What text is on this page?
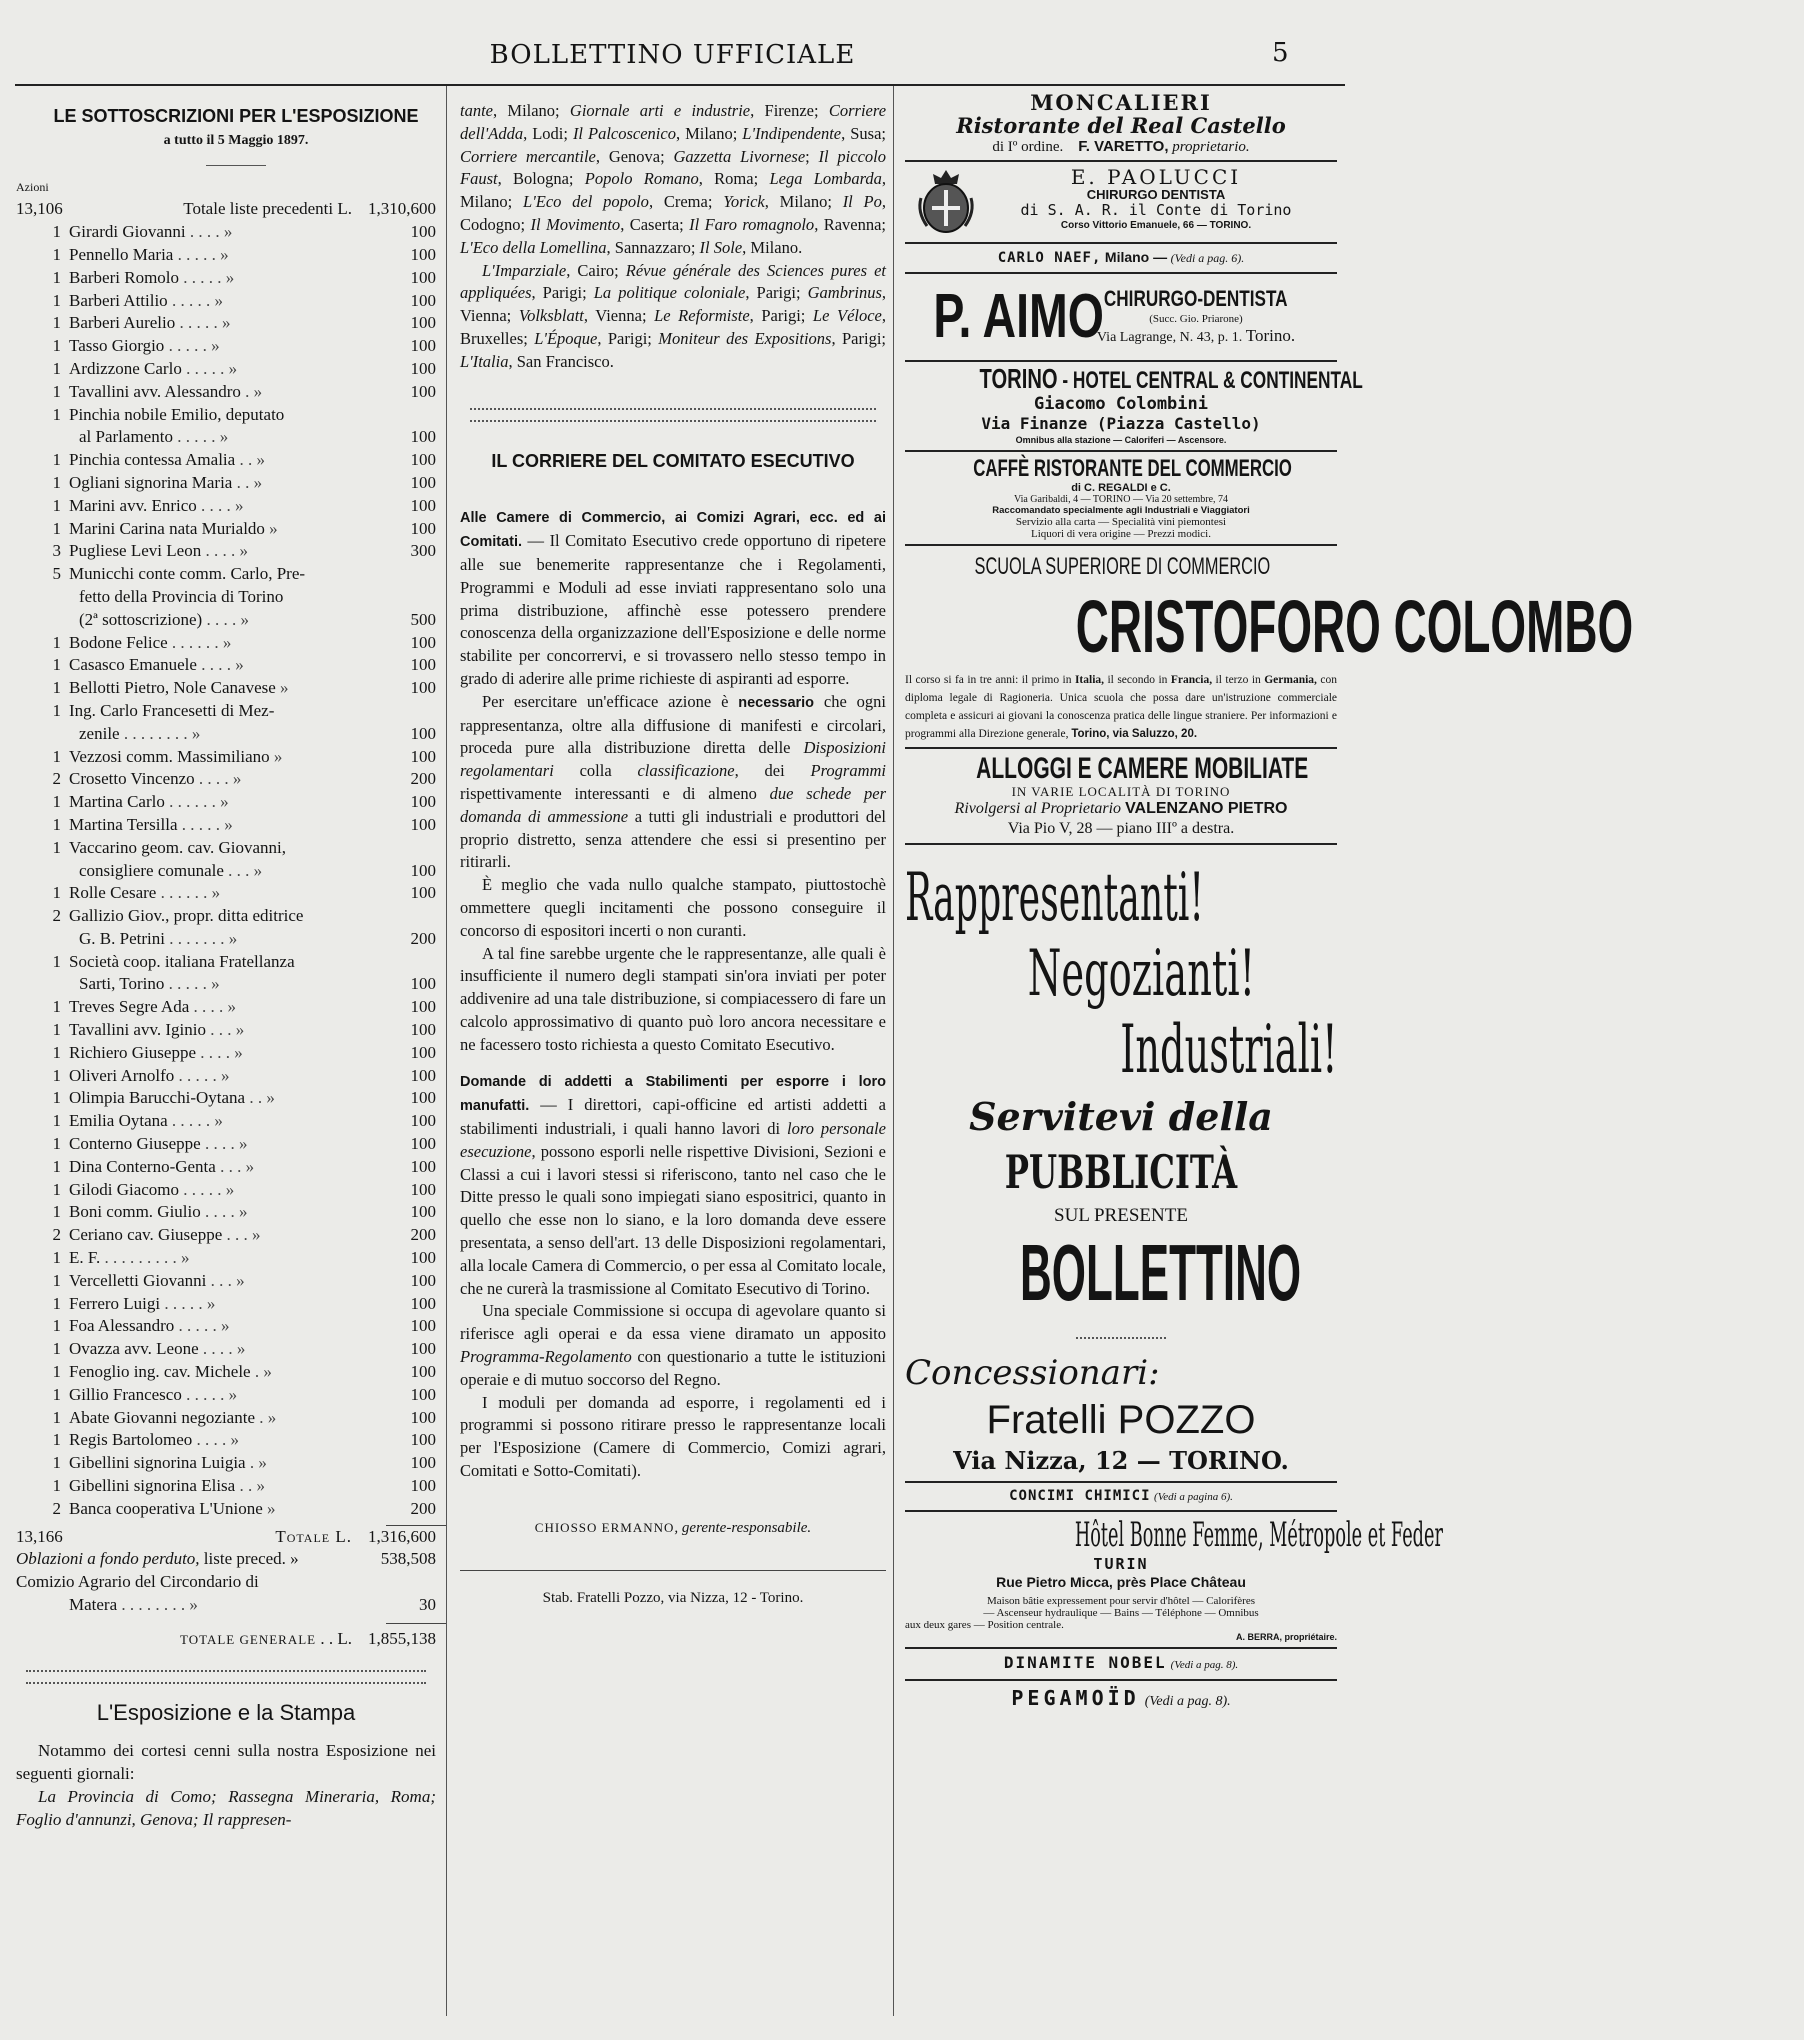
BOLLETTINO UFFICIALE	5
LE SOTTOSCRIZIONI PER L'ESPOSIZIONE
a tutto il 5 Maggio 1897.
Azioni
13,106	Totale liste precedenti L. 1,310,600
1 Girardi Giovanni . . . . »	100
1 Pennello Maria . . . . . »	100
1 Barberi Romolo . . . . . »	100
1 Barberi Attilio . . . . . »	100
1 Barberi Aurelio . . . . . »	100
1 Tasso Giorgio . . . . . »	100
1 Ardizzone Carlo . . . . . »	100
1 Tavallini avv. Alessandro . »	100
1 Pinchia nobile Emilio, deputato
al Parlamento . . . . . »	100
1 Pinchia contessa Amalia . . »	100
1 Ogliani signorina Maria . . »	100
1 Marini avv. Enrico . . . . »	100
1 Marini Carina nata Murialdo »	100
3 Pugliese Levi Leon . . . . »	300
5 Municchi conte comm. Carlo, Pre-
fetto della Provincia di Torino
(2ª sottoscrizione) . . . . »	500
1 Bodone Felice . . . . . . »	100
1 Casasco Emanuele . . . . »	100
1 Bellotti Pietro, Nole Canavese »	100
1 Ing. Carlo Francesetti di Mez-
zenile . . . . . . . . »	100
1 Vezzosi comm. Massimiliano »	100
2 Crosetto Vincenzo . . . . »	200
1 Martina Carlo . . . . . . »	100
1 Martina Tersilla . . . . . »	100
1 Vaccarino geom. cav. Giovanni,
consigliere comunale . . . »	100
1 Rolle Cesare . . . . . . »	100
2 Gallizio Giov., propr. ditta editrice
G. B. Petrini . . . . . . . »	200
1 Società coop. italiana Fratellanza
Sarti, Torino . . . . . »	100
1 Treves Segre Ada . . . . »	100
1 Tavallini avv. Iginio . . . »	100
1 Richiero Giuseppe . . . . »	100
1 Oliveri Arnolfo . . . . . »	100
1 Olimpia Barucchi-Oytana . . »	100
1 Emilia Oytana . . . . . »	100
1 Conterno Giuseppe . . . . »	100
1 Dina Conterno-Genta . . . »	100
1 Gilodi Giacomo . . . . . »	100
1 Boni comm. Giulio . . . . »	100
2 Ceriano cav. Giuseppe . . . »	200
1 E. F. . . . . . . . . . »	100
1 Vercelletti Giovanni . . . »	100
1 Ferrero Luigi . . . . . »	100
1 Foa Alessandro . . . . . »	100
1 Ovazza avv. Leone . . . . »	100
1 Fenoglio ing. cav. Michele . »	100
1 Gillio Francesco . . . . . »	100
1 Abate Giovanni negoziante . »	100
1 Regis Bartolomeo . . . . »	100
1 Gibellini signorina Luigia . »	100
1 Gibellini signorina Elisa . . »	100
2 Banca cooperativa L'Unione »	200
13,166	Totale L. 1,316,600
Oblazioni a fondo perduto, liste preced. »	538,508
Comizio Agrario del Circondario di
Matera . . . . . . . . »	30
TOTALE GENERALE . . L. 1,855,138
L'Esposizione e la Stampa

Notammo dei cortesi cenni sulla nostra Esposizione nei seguenti giornali:

La Provincia di Como; Rassegna Mineraria, Roma; Foglio d'annunzi, Genova; Il rappresen-

tante, Milano; Giornale arti e industrie, Firenze; Corriere dell'Adda, Lodi; Il Palcoscenico, Milano; L'Indipendente, Susa; Corriere mercantile, Genova; Gazzetta Livornese; Il piccolo Faust, Bologna; Popolo Romano, Roma; Lega Lombarda, Milano; L'Eco del popolo, Crema; Yorick, Milano; Il Po, Codogno; Il Movimento, Caserta; Il Faro romagnolo, Ravenna; L'Eco della Lomellina, Sannazzaro; Il Sole, Milano.

L'Imparziale, Cairo; Révue générale des Sciences pures et appliquées, Parigi; La politique coloniale, Parigi; Gambrinus, Vienna; Volksblatt, Vienna; Le Reformiste, Parigi; Le Véloce, Bruxelles; L'Époque, Parigi; Moniteur des Expositions, Parigi; L'Italia, San Francisco.

IL CORRIERE DEL COMITATO ESECUTIVO

Alle Camere di Commercio, ai Comizi Agrari, ecc. ed ai Comitati. — Il Comitato Esecutivo crede opportuno di ripetere alle sue benemerite rappresentanze che i Regolamenti, Programmi e Moduli ad esse inviati rappresentano solo una prima distribuzione, affinchè esse potessero prendere conoscenza della organizzazione dell'Esposizione e delle norme stabilite per concorrervi, e si trovassero nello stesso tempo in grado di aderire alle prime richieste di aspiranti ad esporre.

Per esercitare un'efficace azione è necessario che ogni rappresentanza, oltre alla diffusione di manifesti e circolari, proceda pure alla distribuzione diretta delle Disposizioni regolamentari colla classificazione, dei Programmi rispettivamente interessanti e di almeno due schede per domanda di ammessione a tutti gli industriali e produttori del proprio distretto, senza attendere che essi si presentino per ritirarli.

È meglio che vada nullo qualche stampato, piuttostochè ommettere quegli incitamenti che possono conseguire il concorso di espositori incerti o non curanti.

A tal fine sarebbe urgente che le rappresentanze, alle quali è insufficiente il numero degli stampati sin'ora inviati per poter addivenire ad una tale distribuzione, si compiacessero di fare un calcolo approssimativo di quanto può loro ancora necessitare e ne facessero tosto richiesta a questo Comitato Esecutivo.

Domande di addetti a Stabilimenti per esporre i loro manufatti. — I direttori, capi-officine ed artisti addetti a stabilimenti industriali, i quali hanno lavori di loro personale esecuzione, possono esporli nelle rispettive Divisioni, Sezioni e Classi a cui i lavori stessi si riferiscono, tanto nel caso che le Ditte presso le quali sono impiegati siano espositrici, quanto in quello che esse non lo siano, e la loro domanda deve essere presentata, a senso dell'art. 13 delle Disposizioni regolamentari, alla locale Camera di Commercio, o per essa al Comitato locale, che ne curerà la trasmissione al Comitato Esecutivo di Torino.

Una speciale Commissione si occupa di agevolare quanto si riferisce agli operai e da essa viene diramato un apposito Programma-Regolamento con questionario a tutte le istituzioni operaie e di mutuo soccorso del Regno.

I moduli per domanda ad esporre, i regolamenti ed i programmi si possono ritirare presso le rappresentanze locali per l'Esposizione (Camere di Commercio, Comizi agrari, Comitati e Sotto-Comitati).

CHIOSSO ERMANNO, gerente-responsabile.
Stab. Fratelli Pozzo, via Nizza, 12 - Torino.
MONCALIERI
Ristorante del Real Castello
di Iº ordine. F. VARETTO, proprietario.
E. PAOLUCCI
CHIRURGO DENTISTA
di S. A. R. il Conte di Torino
Corso Vittorio Emanuele, 66 — TORINO.
CARLO NAEF, Milano — (Vedi a pag. 6).
P. AIMO CHIRURGO-DENTISTA
(Succ. Gio. Priarone)
Via Lagrange, N. 43, p. 1. Torino.
TORINO - HOTEL CENTRAL & CONTINENTAL
Giacomo Colombini
Via Finanze (Piazza Castello)
Omnibus alla stazione — Caloriferi — Ascensore.
CAFFÈ RISTORANTE DEL COMMERCIO
di C. REGALDI e C.
Via Garibaldi, 4 — TORINO — Via 20 settembre, 74
Raccomandato specialmente agli Industriali e Viaggiatori
Servizio alla carta — Specialità vini piemontesi
Liquori di vera origine — Prezzi modici.
SCUOLA SUPERIORE DI COMMERCIO
CRISTOFORO COLOMBO
Il corso si fa in tre anni: il primo in Italia, il secondo in Francia, il terzo in Germania, con diploma legale di Ragioneria. Unica scuola che possa dare un'istruzione commerciale completa e assicuri ai giovani la conoscenza pratica delle lingue straniere. Per informazioni e programmi alla Direzione generale, Torino, via Saluzzo, 20.
ALLOGGI E CAMERE MOBILIATE
IN VARIE LOCALITÀ DI TORINO
Rivolgersi al Proprietario VALENZANO PIETRO
Via Pio V, 28 — piano IIIº a destra.
Rappresentanti!
Negozianti!
Industriali!
Servitevi della
PUBBLICITÀ
SUL PRESENTE
BOLLETTINO
Concessionari:
Fratelli POZZO
Via Nizza, 12 — TORINO.
CONCIMI CHIMICI (Vedi a pagina 6).
Hôtel Bonne Femme, Métropole et Feder
TURIN
Rue Pietro Micca, près Place Château
Maison bâtie expressement pour servir d'hôtel — Calorifères
— Ascenseur hydraulique — Bains — Téléphone — Omnibus
aux deux gares — Position centrale.
A. BERRA, propriétaire.
DINAMITE NOBEL (Vedi a pag. 8).
PEGAMOÏD (Vedi a pag. 8).
